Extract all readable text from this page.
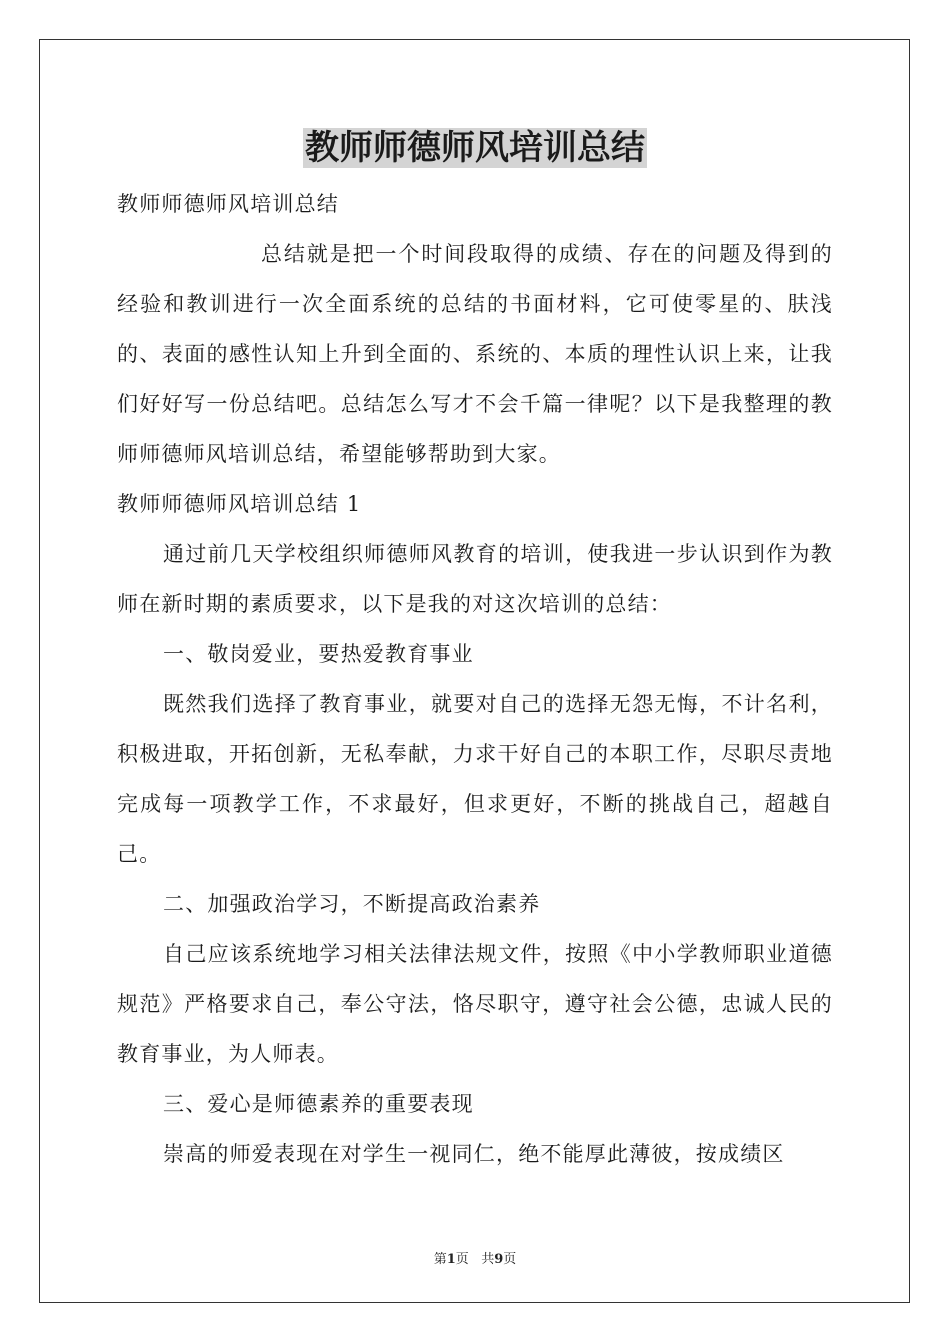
教师师德师风培训总结

教师师德师风培训总结

总结就是把一个时间段取得的成绩、存在的问题及得到的经验和教训进行一次全面系统的总结的书面材料，它可使零星的、肤浅的、表面的感性认知上升到全面的、系统的、本质的理性认识上来，让我们好好写一份总结吧。总结怎么写才不会千篇一律呢？以下是我整理的教师师德师风培训总结，希望能够帮助到大家。

教师师德师风培训总结 1

通过前几天学校组织师德师风教育的培训，使我进一步认识到作为教师在新时期的素质要求，以下是我的对这次培训的总结：

一、敬岗爱业，要热爱教育事业

既然我们选择了教育事业，就要对自己的选择无怨无悔，不计名利，积极进取，开拓创新，无私奉献，力求干好自己的本职工作，尽职尽责地完成每一项教学工作，不求最好，但求更好，不断的挑战自己，超越自己。

二、加强政治学习，不断提高政治素养

自己应该系统地学习相关法律法规文件，按照《中小学教师职业道德规范》严格要求自己，奉公守法，恪尽职守，遵守社会公德，忠诚人民的教育事业，为人师表。

三、爱心是师德素养的重要表现

崇高的师爱表现在对学生一视同仁，绝不能厚此薄彼，按成绩区

第1页 共9页
